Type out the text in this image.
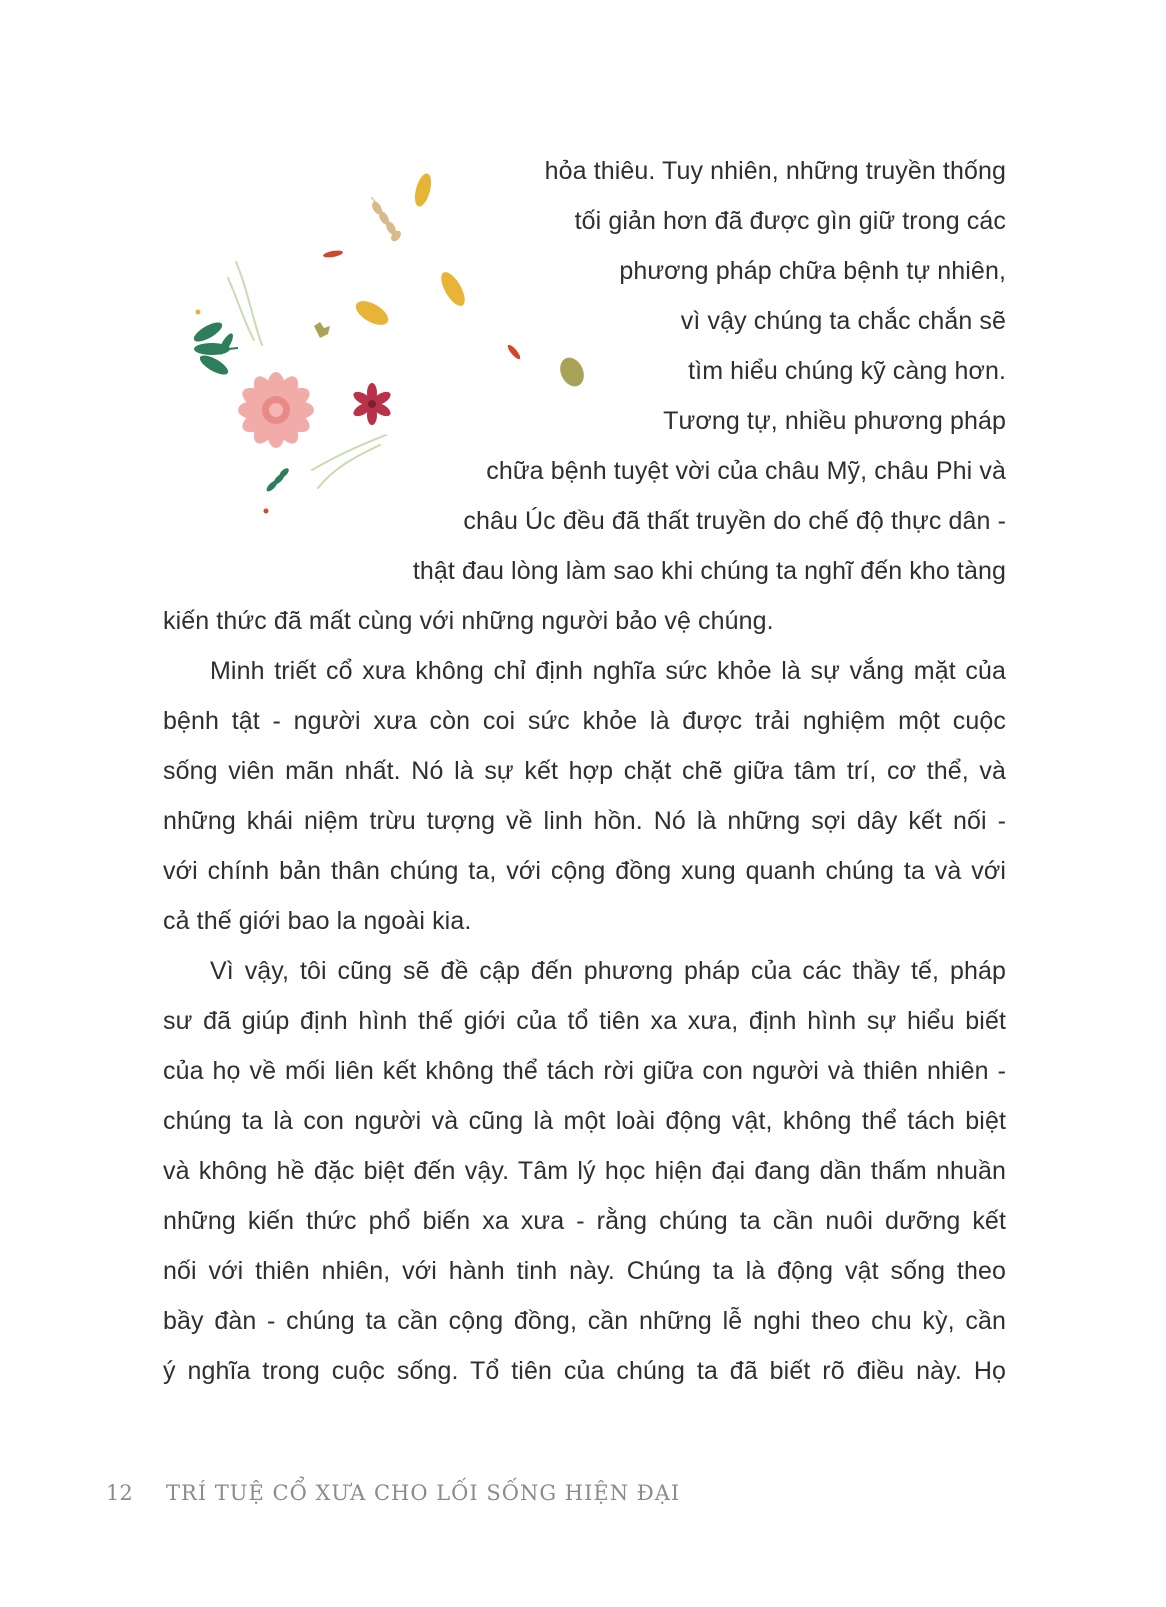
hỏa thiêu. Tuy nhiên, những truyền thống
tối giản hơn đã được gìn giữ trong các
phương pháp chữa bệnh tự nhiên,
vì vậy chúng ta chắc chắn sẽ
tìm hiểu chúng kỹ càng hơn.
Tương tự, nhiều phương pháp
chữa bệnh tuyệt vời của châu Mỹ, châu Phi và
châu Úc đều đã thất truyền do chế độ thực dân -
thật đau lòng làm sao khi chúng ta nghĩ đến kho tàng
kiến thức đã mất cùng với những người bảo vệ chúng.
Minh triết cổ xưa không chỉ định nghĩa sức khỏe là sự vắng mặt của
bệnh tật - người xưa còn coi sức khỏe là được trải nghiệm một cuộc
sống viên mãn nhất. Nó là sự kết hợp chặt chẽ giữa tâm trí, cơ thể, và
những khái niệm trừu tượng về linh hồn. Nó là những sợi dây kết nối -
với chính bản thân chúng ta, với cộng đồng xung quanh chúng ta và với
cả thế giới bao la ngoài kia.
Vì vậy, tôi cũng sẽ đề cập đến phương pháp của các thầy tế, pháp
sư đã giúp định hình thế giới của tổ tiên xa xưa, định hình sự hiểu biết
của họ về mối liên kết không thể tách rời giữa con người và thiên nhiên -
chúng ta là con người và cũng là một loài động vật, không thể tách biệt
và không hề đặc biệt đến vậy. Tâm lý học hiện đại đang dần thấm nhuần
những kiến thức phổ biến xa xưa - rằng chúng ta cần nuôi dưỡng kết
nối với thiên nhiên, với hành tinh này. Chúng ta là động vật sống theo
bầy đàn - chúng ta cần cộng đồng, cần những lễ nghi theo chu kỳ, cần
ý nghĩa trong cuộc sống. Tổ tiên của chúng ta đã biết rõ điều này. Họ
12 TRÍ TUỆ CỔ XƯA CHO LỐI SỐNG HIỆN ĐẠI
